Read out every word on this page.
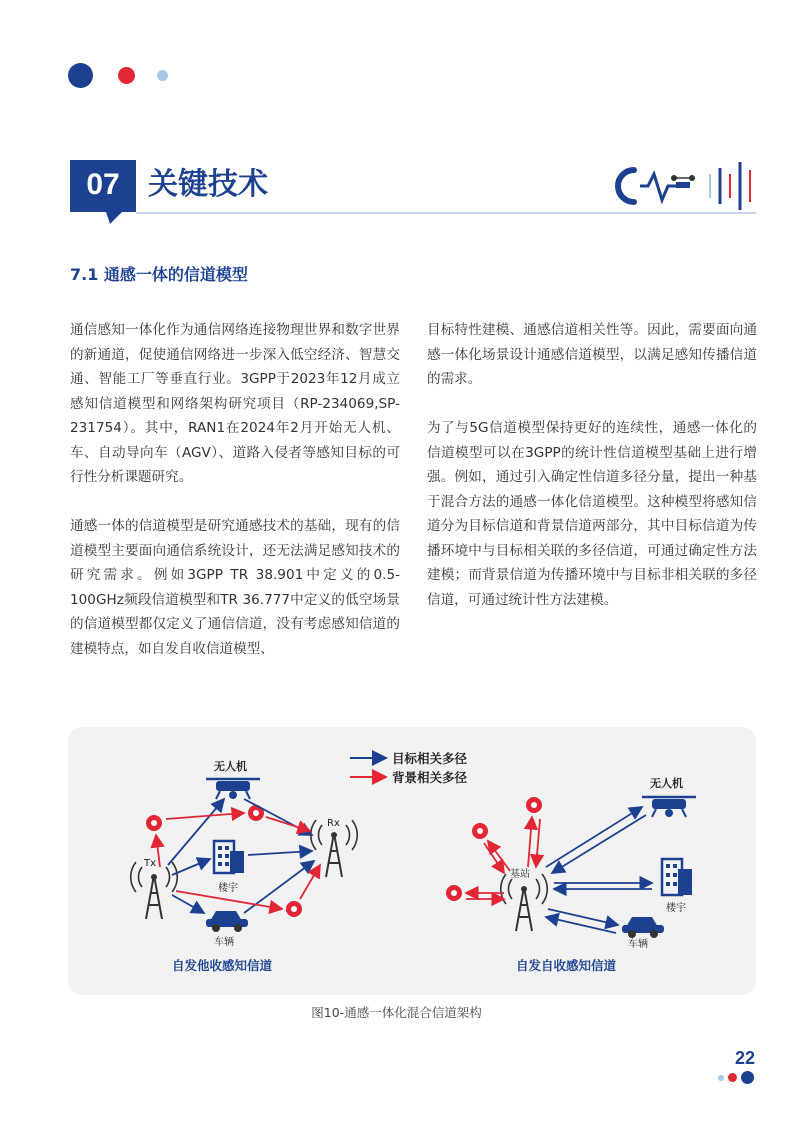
07 关键技术
7.1 通感一体的信道模型

通信感知一体化作为通信网络连接物理世界和数字世界的新通道，促使通信网络进一步深入低空经济、智慧交通、智能工厂等垂直行业。3GPP于2023年12月成立感知信道模型和网络架构研究项目（RP-234069,SP-231754）。其中，RAN1在2024年2月开始无人机、车、自动导向车（AGV）、道路入侵者等感知目标的可行性分析课题研究。

通感一体的信道模型是研究通感技术的基础，现有的信道模型主要面向通信系统设计，还无法满足感知技术的研究需求。例如3GPP TR 38.901中定义的0.5-100GHz频段信道模型和TR 36.777中定义的低空场景的信道模型都仅定义了通信信道，没有考虑感知信道的建模特点，如自发自收信道模型、

目标特性建模、通感信道相关性等。因此，需要面向通感一体化场景设计通感信道模型，以满足感知传播信道的需求。

为了与5G信道模型保持更好的连续性，通感一体化的信道模型可以在3GPP的统计性信道模型基础上进行增强。例如，通过引入确定性信道多径分量，提出一种基于混合方法的通感一体化信道模型。这种模型将感知信道分为目标信道和背景信道两部分，其中目标信道为传播环境中与目标相关联的多径信道，可通过确定性方法建模；而背景信道为传播环境中与目标非相关联的多径信道，可通过统计性方法建模。

目标相关多径
背景相关多径
Tx
Rx
无人机
楼宇
车辆
自发他收感知信道
基站
无人机
楼宇
车辆
自发自收感知信道
图10-通感一体化混合信道架构
22
